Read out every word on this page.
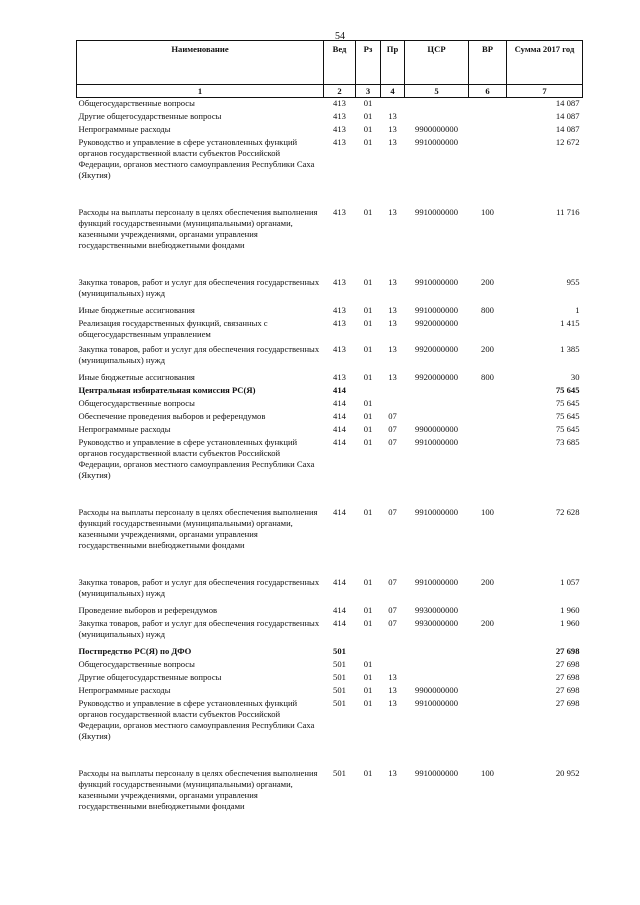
54
Наименование	Вед	Рз	Пр	ЦСР	ВР	Сумма 2017 год
1	2	3	4	5	6	7
Общегосударственные вопросы	413	01				14 087
Другие общегосударственные вопросы	413	01	13			14 087
Непрограммные расходы	413	01	13	9900000000		14 087
Руководство и управление в сфере установленных функций органов государственной власти субъектов Российской Федерации, органов местного самоуправления Республики Саха (Якутия)	413	01	13	9910000000		12 672
Расходы на выплаты персоналу в целях обеспечения выполнения функций государственными (муниципальными) органами, казенными учреждениями, органами управления государственными внебюджетными фондами	413	01	13	9910000000	100	11 716
Закупка товаров, работ и услуг для обеспечения государственных (муниципальных) нужд	413	01	13	9910000000	200	955
Иные бюджетные ассигнования	413	01	13	9910000000	800	1
Реализация государственных функций, связанных с общегосударственным управлением	413	01	13	9920000000		1 415
Закупка товаров, работ и услуг для обеспечения государственных (муниципальных) нужд	413	01	13	9920000000	200	1 385
Иные бюджетные ассигнования	413	01	13	9920000000	800	30
Центральная избирательная комиссия РС(Я)	414					75 645
Общегосударственные вопросы	414	01				75 645
Обеспечение проведения выборов и референдумов	414	01	07			75 645
Непрограммные расходы	414	01	07	9900000000		75 645
Руководство и управление в сфере установленных функций органов государственной власти субъектов Российской Федерации, органов местного самоуправления Республики Саха (Якутия)	414	01	07	9910000000		73 685
Расходы на выплаты персоналу в целях обеспечения выполнения функций государственными (муниципальными) органами, казенными учреждениями, органами управления государственными внебюджетными фондами	414	01	07	9910000000	100	72 628
Закупка товаров, работ и услуг для обеспечения государственных (муниципальных) нужд	414	01	07	9910000000	200	1 057
Проведение выборов и референдумов	414	01	07	9930000000		1 960
Закупка товаров, работ и услуг для обеспечения государственных (муниципальных) нужд	414	01	07	9930000000	200	1 960
Постпредство РС(Я) по ДФО	501					27 698
Общегосударственные вопросы	501	01				27 698
Другие общегосударственные вопросы	501	01	13			27 698
Непрограммные расходы	501	01	13	9900000000		27 698
Руководство и управление в сфере установленных функций органов государственной власти субъектов Российской Федерации, органов местного самоуправления Республики Саха (Якутия)	501	01	13	9910000000		27 698
Расходы на выплаты персоналу в целях обеспечения выполнения функций государственными (муниципальными) органами, казенными учреждениями, органами управления государственными внебюджетными фондами	501	01	13	9910000000	100	20 952
